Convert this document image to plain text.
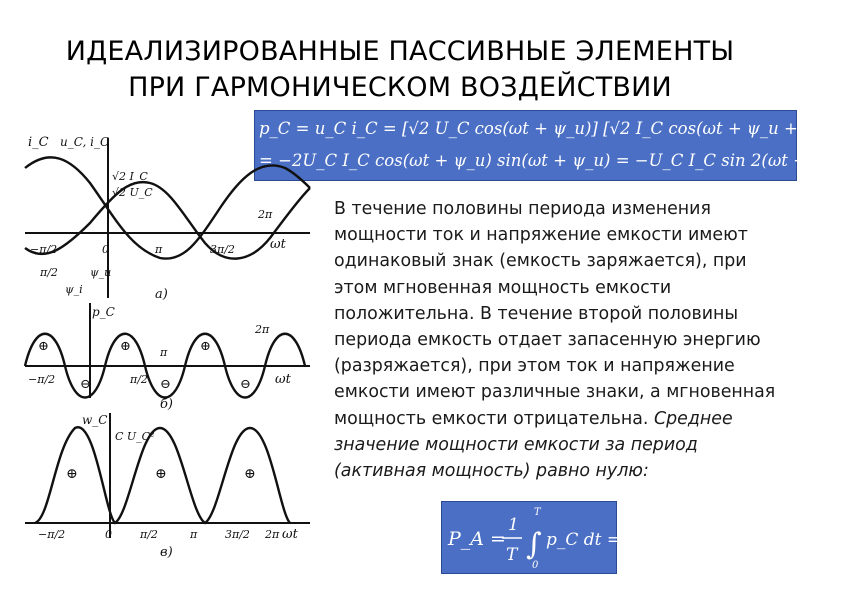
ИДЕАЛИЗИРОВАННЫЕ ПАССИВНЫЕ ЭЛЕМЕНТЫ
ПРИ ГАРМОНИЧЕСКОМ ВОЗДЕЙСТВИИ
p_C = u_C i_C = [√2 U_C cos(ωt + ψ_u)] [√2 I_C cos(ωt + ψ_u + π/2)] =
= −2U_C I_C cos(ωt + ψ_u) sin(ωt + ψ_u) = −U_C I_C sin 2(ωt + ψ_u).
i_C u_C, i_C
√2 I_C
√2 U_C
ωt
−π/2	0	π	3π/2
2π
π/2	ψ_u
ψ_i	а)
p_C
⊕
⊖
⊕
⊖
⊕
⊖ ωt
−π/2	π/2
π
2π
б)
w_C
C U_C²
⊕	⊕	⊕
ωt
−π/2	0	π/2	π	3π/2 2π
в)
В течение половины периода изменения мощности ток и напряжение емкости имеют одинаковый знак (емкость заряжается), при этом мгновенная мощность емкости положительна. В течение второй половины периода емкость отдает запасенную энергию (разряжается), при этом ток и напряжение емкости имеют различные знаки, а мгновенная мощность емкости отрицательна. Среднее значение мощности емкости за период (активная мощность) равно нулю:
P_A =
1
T ∫
T
0
p_C dt = 0
